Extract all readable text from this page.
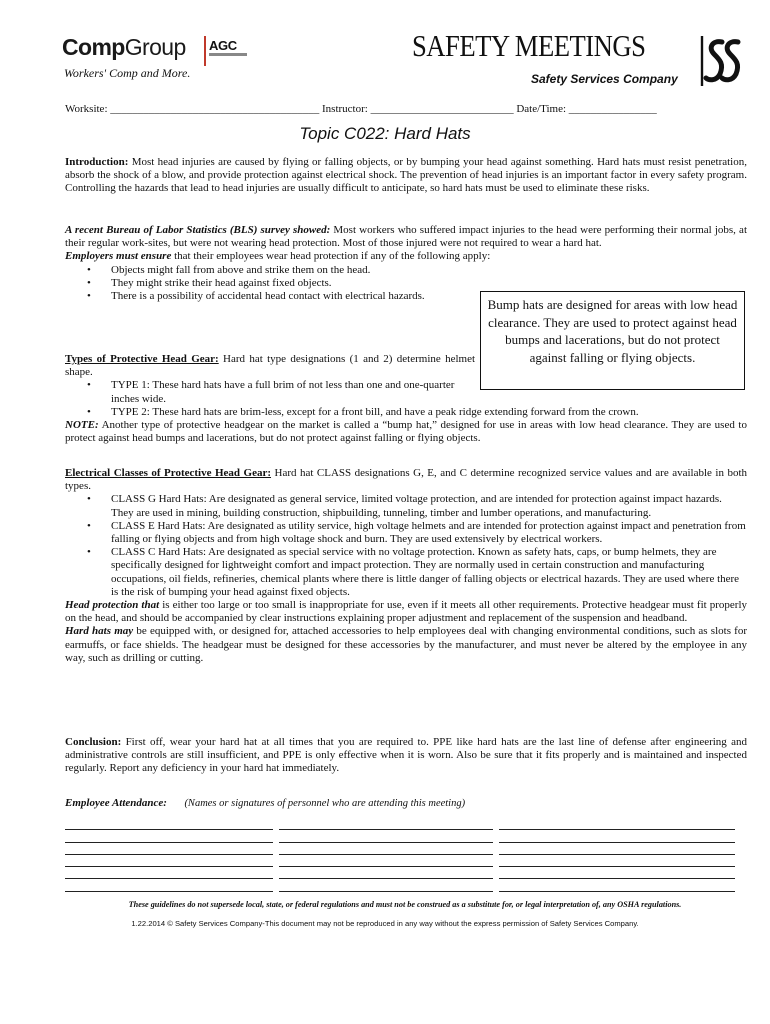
CompGroup AGC
Workers' Comp and More.
SAFETY MEETINGS
Safety Services Company
Worksite: ______________________________________ Instructor: __________________________ Date/Time: ________________
Topic C022: Hard Hats

Introduction: Most head injuries are caused by flying or falling objects, or by bumping your head against something. Hard hats must resist penetration, absorb the shock of a blow, and provide protection against electrical shock. The prevention of head injuries is an important factor in every safety program. Controlling the hazards that lead to head injuries are usually difficult to anticipate, so hard hats must be used to eliminate these risks.

A recent Bureau of Labor Statistics (BLS) survey showed: Most workers who suffered impact injuries to the head were performing their normal jobs, at their regular work-sites, but were not wearing head protection. Most of those injured were not required to wear a hard hat.

Employers must ensure that their employees wear head protection if any of the following apply:

• Objects might fall from above and strike them on the head.
• They might strike their head against fixed objects.
• There is a possibility of accidental head contact with electrical hazards.
Bump hats are designed for areas with low head clearance. They are used to protect against head bumps and lacerations, but do not protect against falling or flying objects.

Types of Protective Head Gear: Hard hat type designations (1 and 2) determine helmet shape.

• TYPE 1: These hard hats have a full brim of not less than one and one-quarter inches wide.
• TYPE 2: These hard hats are brim-less, except for a front bill, and have a peak ridge extending forward from the crown.

NOTE: Another type of protective headgear on the market is called a “bump hat,” designed for use in areas with low head clearance. They are used to protect against head bumps and lacerations, but do not protect against falling or flying objects.

Electrical Classes of Protective Head Gear: Hard hat CLASS designations G, E, and C determine recognized service values and are available in both types.

• CLASS G Hard Hats: Are designated as general service, limited voltage protection, and are intended for protection against impact hazards. They are used in mining, building construction, shipbuilding, tunneling, timber and lumber operations, and manufacturing.
• CLASS E Hard Hats: Are designated as utility service, high voltage helmets and are intended for protection against impact and penetration from falling or flying objects and from high voltage shock and burn. They are used extensively by electrical workers.
• CLASS C Hard Hats: Are designated as special service with no voltage protection. Known as safety hats, caps, or bump helmets, they are specifically designed for lightweight comfort and impact protection. They are normally used in certain construction and manufacturing occupations, oil fields, refineries, chemical plants where there is little danger of falling objects or electrical hazards. They are used where there is the risk of bumping your head against fixed objects.

Head protection that is either too large or too small is inappropriate for use, even if it meets all other requirements. Protective headgear must fit properly on the head, and should be accompanied by clear instructions explaining proper adjustment and replacement of the suspension and headband.

Hard hats may be equipped with, or designed for, attached accessories to help employees deal with changing environmental conditions, such as slots for earmuffs, or face shields. The headgear must be designed for these accessories by the manufacturer, and must never be altered by the employee in any way, such as drilling or cutting.

Conclusion: First off, wear your hard hat at all times that you are required to. PPE like hard hats are the last line of defense after engineering and administrative controls are still insufficient, and PPE is only effective when it is worn. Also be sure that it fits properly and is maintained and inspected regularly. Report any deficiency in your hard hat immediately.

Employee Attendance: (Names or signatures of personnel who are attending this meeting)
These guidelines do not supersede local, state, or federal regulations and must not be construed as a substitute for, or legal interpretation of, any OSHA regulations.
1.22.2014 © Safety Services Company-This document may not be reproduced in any way without the express permission of Safety Services Company.
